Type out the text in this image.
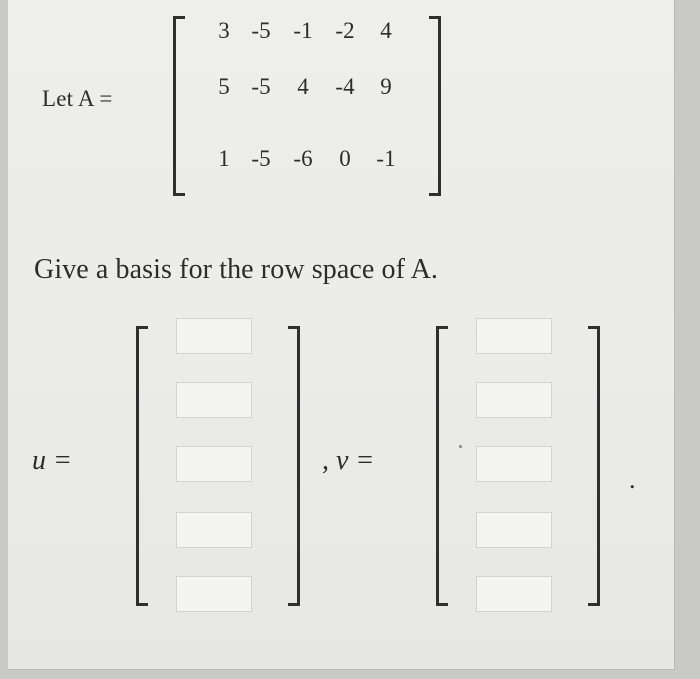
Let A =
3 -5 -1 -2	4
5 -5	4	-4	9
1 -5 -6	0	-1
Give a basis for the row space of A.
u =	, v =
.
